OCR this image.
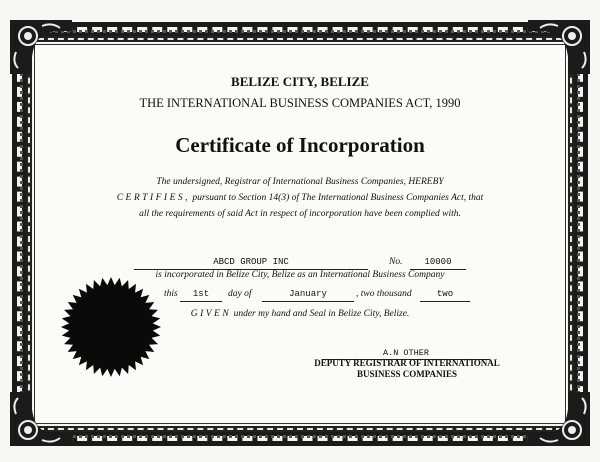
BELIZE CITY, BELIZE
THE INTERNATIONAL BUSINESS COMPANIES ACT, 1990
Certificate of Incorporation
The undersigned, Registrar of International Business Companies, HEREBY
CERTIFIES, pursuant to Section 14(3) of The International Business Companies Act, that
all the requirements of said Act in respect of incorporation have been complied with.
ABCD GROUP INC	No.	10000
is incorporated in Belize City, Belize as an International Business Company
this	1st	day of	January	, two thousand	two
GIVEN under my hand and Seal in Belize City, Belize.
A.N OTHER
DEPUTY REGISTRAR OF INTERNATIONAL
BUSINESS COMPANIES
